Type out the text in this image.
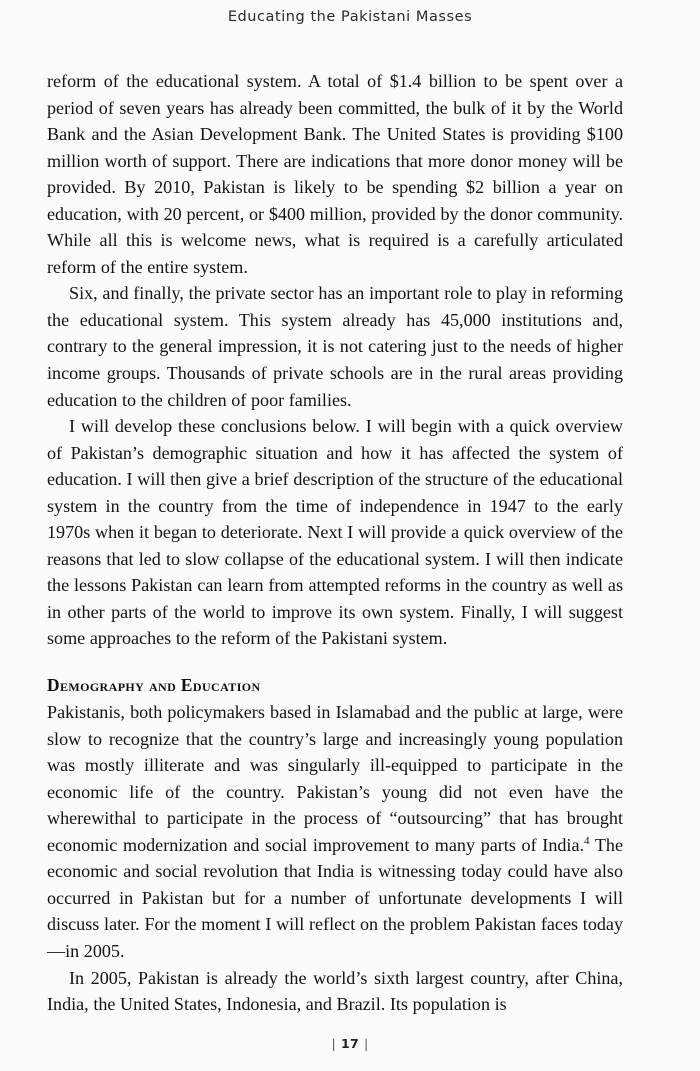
Educating the Pakistani Masses

reform of the educational system. A total of $1.4 billion to be spent over a period of seven years has already been committed, the bulk of it by the World Bank and the Asian Development Bank. The United States is providing $100 million worth of support. There are indications that more donor money will be provided. By 2010, Pakistan is likely to be spending $2 billion a year on education, with 20 percent, or $400 million, provided by the donor community. While all this is welcome news, what is required is a carefully articulated reform of the entire system.

Six, and finally, the private sector has an important role to play in reforming the educational system. This system already has 45,000 institutions and, contrary to the general impression, it is not catering just to the needs of higher income groups. Thousands of private schools are in the rural areas providing education to the children of poor families.

I will develop these conclusions below. I will begin with a quick overview of Pakistan’s demographic situation and how it has affected the system of education. I will then give a brief description of the structure of the educational system in the country from the time of independence in 1947 to the early 1970s when it began to deteriorate. Next I will provide a quick overview of the reasons that led to slow collapse of the educational system. I will then indicate the lessons Pakistan can learn from attempted reforms in the country as well as in other parts of the world to improve its own system. Finally, I will suggest some approaches to the reform of the Pakistani system.

Demography and Education

Pakistanis, both policymakers based in Islamabad and the public at large, were slow to recognize that the country’s large and increasingly young population was mostly illiterate and was singularly ill-equipped to participate in the economic life of the country. Pakistan’s young did not even have the wherewithal to participate in the process of “outsourcing” that has brought economic modernization and social improvement to many parts of India.$^4$ The economic and social revolution that India is witnessing today could have also occurred in Pakistan but for a number of unfortunate developments I will discuss later. For the moment I will reflect on the problem Pakistan faces today—in 2005.

In 2005, Pakistan is already the world’s sixth largest country, after China, India, the United States, Indonesia, and Brazil. Its population is

| 17 |
